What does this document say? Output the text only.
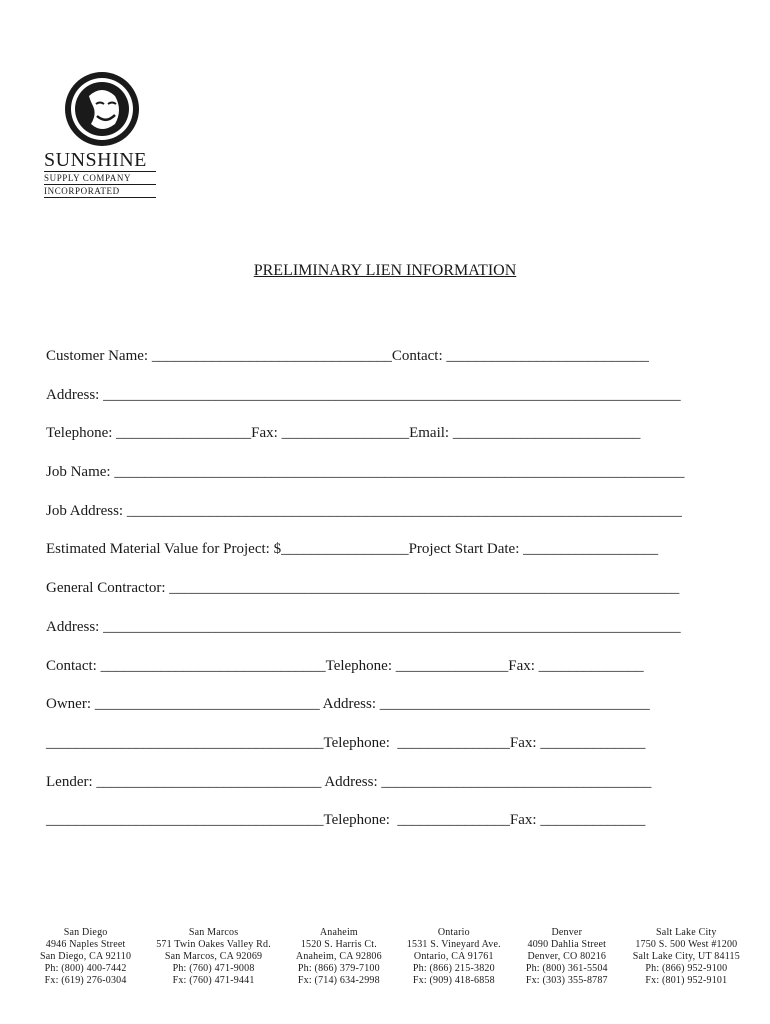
SUNSHINE
SUPPLY COMPANY
INCORPORATED
PRELIMINARY LIEN INFORMATION
Customer Name: ________________________________Contact: ___________________________
Address: _____________________________________________________________________________
Telephone: __________________Fax: _________________Email: _________________________
Job Name: ____________________________________________________________________________
Job Address: __________________________________________________________________________
Estimated Material Value for Project: $_________________Project Start Date: __________________
General Contractor: ____________________________________________________________________
Address: _____________________________________________________________________________
Contact: ______________________________Telephone: _______________Fax: ______________
Owner: ______________________________ Address: ____________________________________
_____________________________________Telephone:  _______________Fax: ______________
Lender: ______________________________ Address: ____________________________________
_____________________________________Telephone:  _______________Fax: ______________
San Diego
4946 Naples Street
San Diego, CA 92110
Ph: (800) 400-7442
Fx: (619) 276-0304
San Marcos
571 Twin Oakes Valley Rd.
San Marcos, CA 92069
Ph: (760) 471-9008
Fx: (760) 471-9441
Anaheim
1520 S. Harris Ct.
Anaheim, CA 92806
Ph: (866) 379-7100
Fx: (714) 634-2998
Ontario
1531 S. Vineyard Ave.
Ontario, CA 91761
Ph: (866) 215-3820
Fx: (909) 418-6858
Denver
4090 Dahlia Street
Denver, CO 80216
Ph: (800) 361-5504
Fx: (303) 355-8787
Salt Lake City
1750 S. 500 West #1200
Salt Lake City, UT 84115
Ph: (866) 952-9100
Fx: (801) 952-9101
